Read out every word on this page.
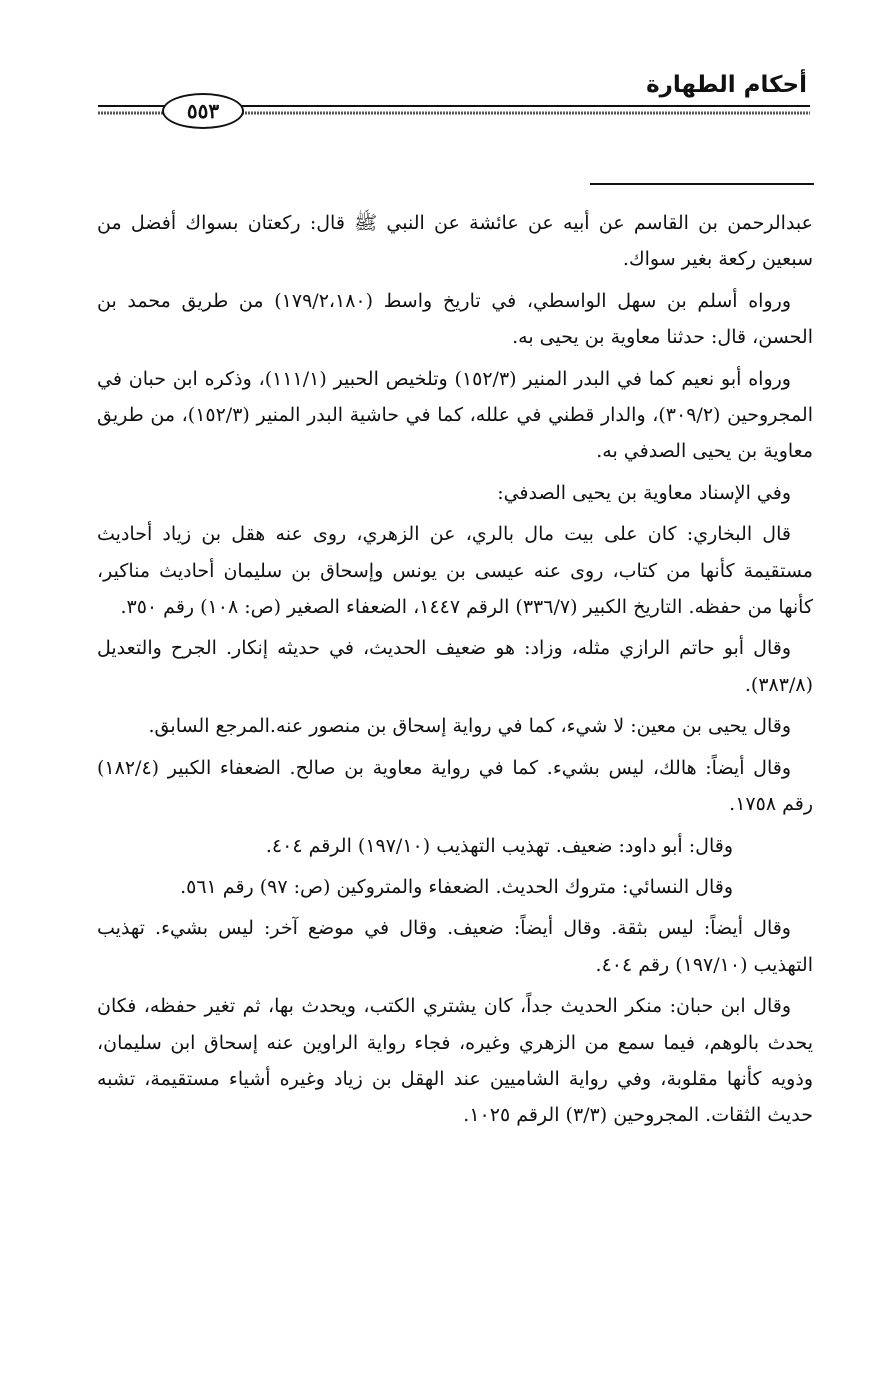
أحكام الطهارة
٥٥٣

عبدالرحمن بن القاسم عن أبيه عن عائشة عن النبي ﷺ قال: ركعتان بسواك أفضل من سبعين ركعة بغير سواك.

ورواه أسلم بن سهل الواسطي، في تاريخ واسط (١٧٩/٢،١٨٠) من طريق محمد بن الحسن، قال: حدثنا معاوية بن يحيى به.

ورواه أبو نعيم كما في البدر المنير (١٥٢/٣) وتلخيص الحبير (١١١/١)، وذكره ابن حبان في المجروحين (٣٠٩/٢)، والدار قطني في علله، كما في حاشية البدر المنير (١٥٢/٣)، من طريق معاوية بن يحيى الصدفي به.

وفي الإسناد معاوية بن يحيى الصدفي:

قال البخاري: كان على بيت مال بالري، عن الزهري، روى عنه هقل بن زياد أحاديث مستقيمة كأنها من كتاب، روى عنه عيسى بن يونس وإسحاق بن سليمان أحاديث مناكير، كأنها من حفظه. التاريخ الكبير (٣٣٦/٧) الرقم ١٤٤٧، الضعفاء الصغير (ص: ١٠٨) رقم ٣٥٠.

وقال أبو حاتم الرازي مثله، وزاد: هو ضعيف الحديث، في حديثه إنكار. الجرح والتعديل (٣٨٣/٨).

وقال يحيى بن معين: لا شيء، كما في رواية إسحاق بن منصور عنه.المرجع السابق.

وقال أيضاً: هالك، ليس بشيء. كما في رواية معاوية بن صالح. الضعفاء الكبير (١٨٢/٤) رقم ١٧٥٨.

وقال: أبو داود: ضعيف. تهذيب التهذيب (١٩٧/١٠) الرقم ٤٠٤.

وقال النسائي: متروك الحديث. الضعفاء والمتروكين (ص: ٩٧) رقم ٥٦١.

وقال أيضاً: ليس بثقة. وقال أيضاً: ضعيف. وقال في موضع آخر: ليس بشيء. تهذيب التهذيب (١٩٧/١٠) رقم ٤٠٤.

وقال ابن حبان: منكر الحديث جداً، كان يشتري الكتب، ويحدث بها، ثم تغير حفظه، فكان يحدث بالوهم، فيما سمع من الزهري وغيره، فجاء رواية الراوين عنه إسحاق ابن سليمان، وذويه كأنها مقلوبة، وفي رواية الشاميين عند الهقل بن زياد وغيره أشياء مستقيمة، تشبه حديث الثقات. المجروحين (٣/٣) الرقم ١٠٢٥.
